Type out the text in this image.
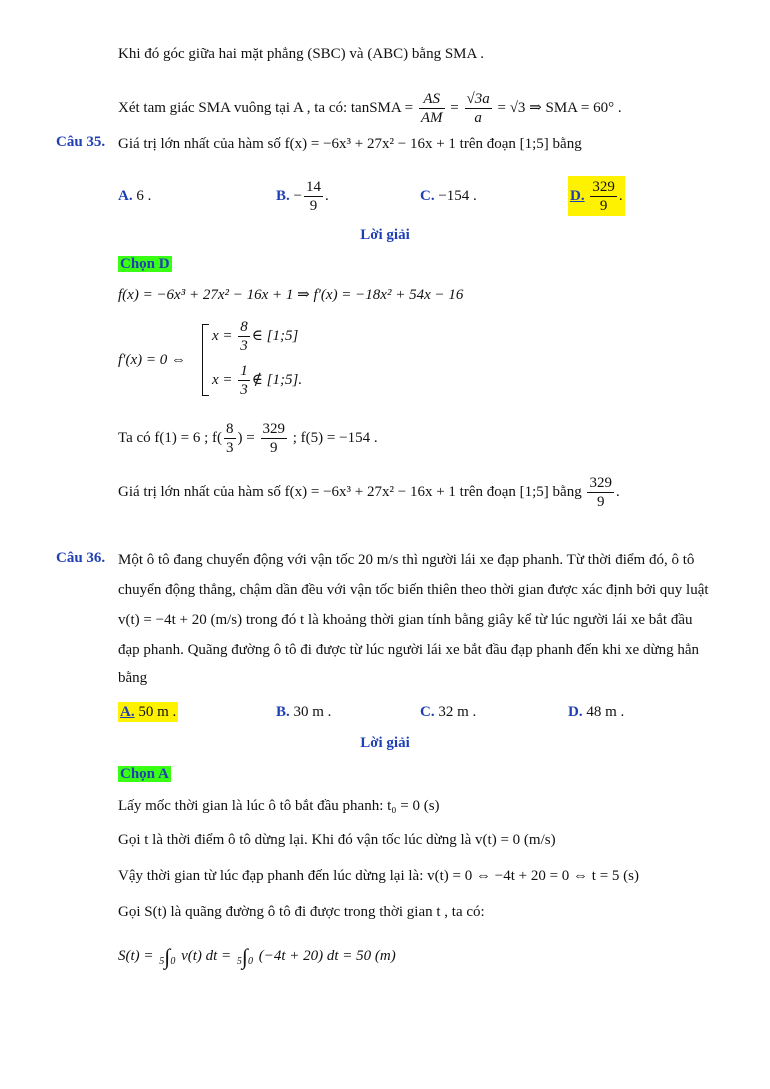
Khi đó góc giữa hai mặt phẳng (SBC) và (ABC) bằng SMA .
Xét tam giác SMA vuông tại A , ta có: tanSMA = $\frac{AS}{AM} = \frac{√3a}{a} = √3$ ⇒ SMA = 60° .
Câu 35. Giá trị lớn nhất của hàm số f(x) = −6x³ + 27x² − 16x + 1 trên đoạn [1;5] bằng
A. 6 .	B. − $\frac{14}{9}$ .	C. −154 .	D. $\frac{329}{9}$ .
Lời giải
Chọn D
f(x) = −6x³ + 27x² − 16x + 1 ⇒ f′(x) = −18x² + 54x − 16
f′(x) = 0 ⇔
$x = \frac{8}{3}$ ∈ [1;5]
$x = \frac{1}{3}$ ∉ [1;5].
Ta có f(1) = 6 ; $f( \frac{8}{3}$ ) = $\frac{329}{9}$ ; f(5) = −154 .
Giá trị lớn nhất của hàm số f(x) = −6x³ + 27x² − 16x + 1 trên đoạn [1;5] bằng $\frac{329}{9}$ .
Câu 36. Một ô tô đang chuyển động với vận tốc 20 m/s thì người lái xe đạp phanh. Từ thời điểm đó, ô tô
chuyển động thẳng, chậm dần đều với vận tốc biến thiên theo thời gian được xác định bởi quy luật
v(t) = −4t + 20 (m/s) trong đó t là khoảng thời gian tính bằng giây kể từ lúc người lái xe bắt đầu
đạp phanh. Quãng đường ô tô đi được từ lúc người lái xe bắt đầu đạp phanh đến khi xe dừng hẳn
bằng
A. 50 m .	B. 30 m .	C. 32 m .	D. 48 m .
Lời giải
Chọn A
Lấy mốc thời gian là lúc ô tô bắt đầu phanh: t₀ = 0 (s)
Gọi t là thời điểm ô tô dừng lại. Khi đó vận tốc lúc dừng là v(t) = 0 (m/s)
Vậy thời gian từ lúc đạp phanh đến lúc dừng lại là: v(t) = 0 ⇔ −4t + 20 = 0 ⇔ t = 5 (s)
Gọi S(t) là quãng đường ô tô đi được trong thời gian t , ta có:
S(t) = 5∫0 v(t) dt = 5∫0 (−4t + 20) dt = 50 (m)
